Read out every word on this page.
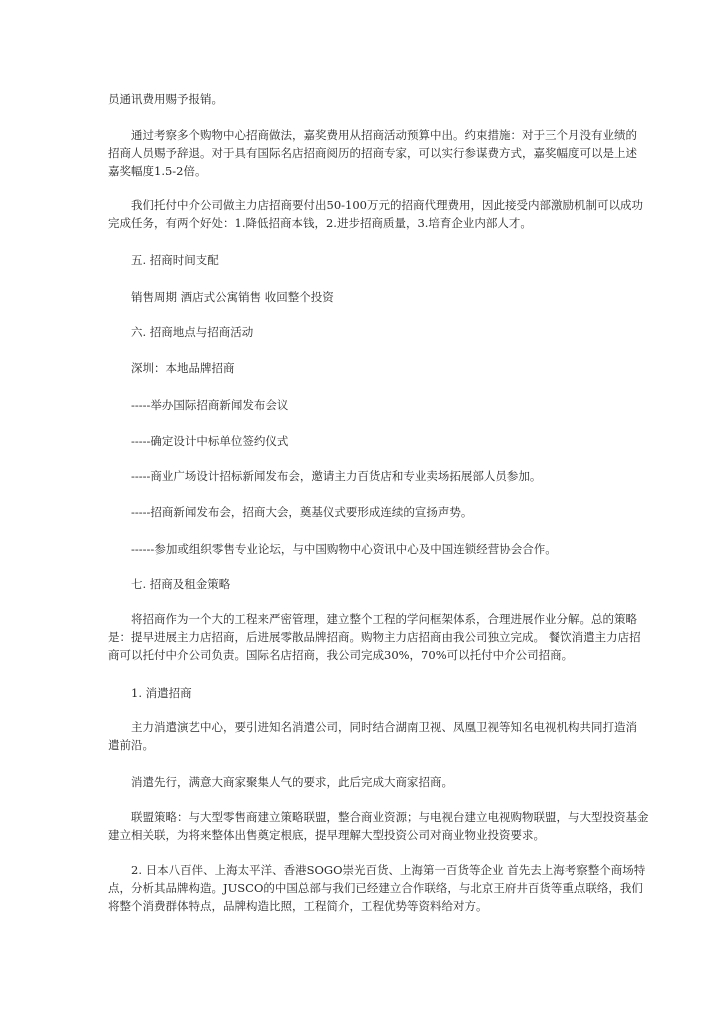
员通讯费用赐予报销。

通过考察多个购物中心招商做法，嘉奖费用从招商活动预算中出。约束措施：对于三个月没有业绩的
招商人员赐予辞退。对于具有国际名店招商阅历的招商专家，可以实行参谋费方式，嘉奖幅度可以是上述
嘉奖幅度1.5-2倍。

我们托付中介公司做主力店招商要付出50-100万元的招商代理费用，因此接受内部激励机制可以成功
完成任务，有两个好处：1.降低招商本钱，2.进步招商质量，3.培育企业内部人才。

五. 招商时间支配

销售周期 酒店式公寓销售 收回整个投资

六. 招商地点与招商活动

深圳：本地品牌招商

-----举办国际招商新闻发布会议

-----确定设计中标单位签约仪式

-----商业广场设计招标新闻发布会，邀请主力百货店和专业卖场拓展部人员参加。

-----招商新闻发布会，招商大会，奠基仪式要形成连续的宣扬声势。

------参加或组织零售专业论坛，与中国购物中心资讯中心及中国连锁经营协会合作。

七. 招商及租金策略

将招商作为一个大的工程来严密管理，建立整个工程的学问框架体系，合理进展作业分解。总的策略
是：提早进展主力店招商，后进展零散品牌招商。购物主力店招商由我公司独立完成。 餐饮消遣主力店招
商可以托付中介公司负责。国际名店招商，我公司完成30%，70%可以托付中介公司招商。

1. 消遣招商

主力消遣演艺中心，要引进知名消遣公司，同时结合湖南卫视、凤凰卫视等知名电视机构共同打造消
遣前沿。

消遣先行，满意大商家聚集人气的要求，此后完成大商家招商。

联盟策略：与大型零售商建立策略联盟，整合商业资源；与电视台建立电视购物联盟，与大型投资基金
建立相关联，为将来整体出售奠定根底，提早理解大型投资公司对商业物业投资要求。

2. 日本八百伴、上海太平洋、香港SOGO崇光百货、上海第一百货等企业 首先去上海考察整个商场特
点，分析其品牌构造。JUSCO的中国总部与我们已经建立合作联络，与北京王府井百货等重点联络，我们
将整个消费群体特点，品牌构造比照，工程简介，工程优势等资料给对方。
